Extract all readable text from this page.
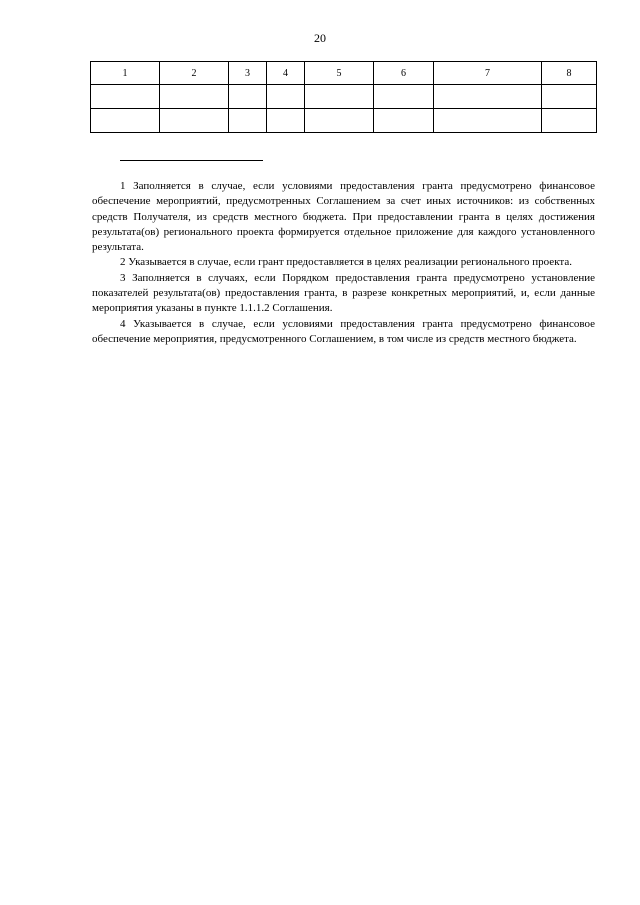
20
1	2	3	4	5	6	7	8

1 Заполняется в случае, если условиями предоставления гранта предусмотрено финансовое обеспечение мероприятий, предусмотренных Соглашением за счет иных источников: из собственных средств Получателя, из средств местного бюджета. При предоставлении гранта в целях достижения результата(ов) регионального проекта формируется отдельное приложение для каждого установленного результата.

2 Указывается в случае, если грант предоставляется в целях реализации регионального проекта.

3 Заполняется в случаях, если Порядком предоставления гранта предусмотрено установление показателей результата(ов) предоставления гранта, в разрезе конкретных мероприятий, и, если данные мероприятия указаны в пункте 1.1.1.2 Соглашения.

4 Указывается в случае, если условиями предоставления гранта предусмотрено финансовое обеспечение мероприятия, предусмотренного Соглашением, в том числе из средств местного бюджета.
